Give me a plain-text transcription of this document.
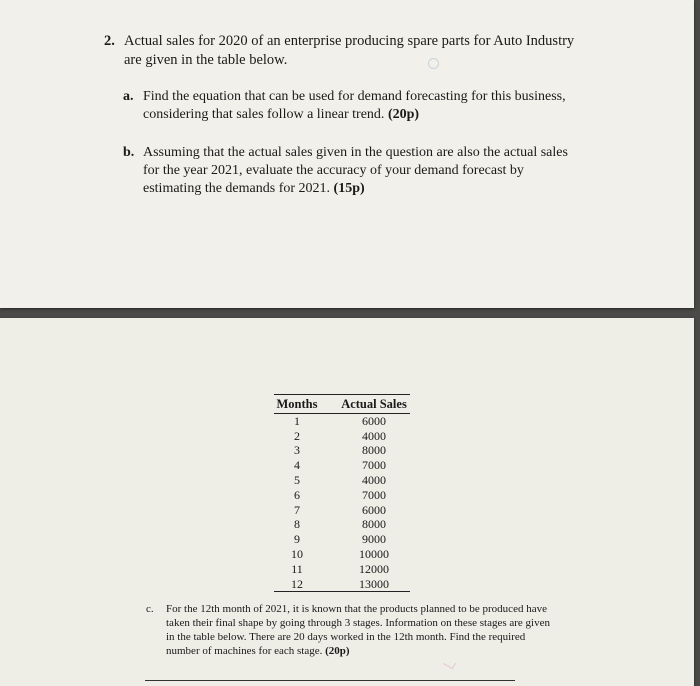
2. Actual sales for 2020 of an enterprise producing spare parts for Auto Industry are given in the table below.
a. Find the equation that can be used for demand forecasting for this business, considering that sales follow a linear trend. (20p)
b. Assuming that the actual sales given in the question are also the actual sales for the year 2021, evaluate the accuracy of your demand forecast by estimating the demands for 2021. (15p)
Months		Actual Sales
1		6000
2		4000
3		8000
4		7000
5		4000
6		7000
7		6000
8		8000
9		9000
10		10000
11		12000
12		13000
c.	For the 12th month of 2021, it is known that the products planned to be produced have taken their final shape by going through 3 stages. Information on these stages are given in the table below. There are 20 days worked in the 12th month. Find the required number of machines for each stage. (20p)
